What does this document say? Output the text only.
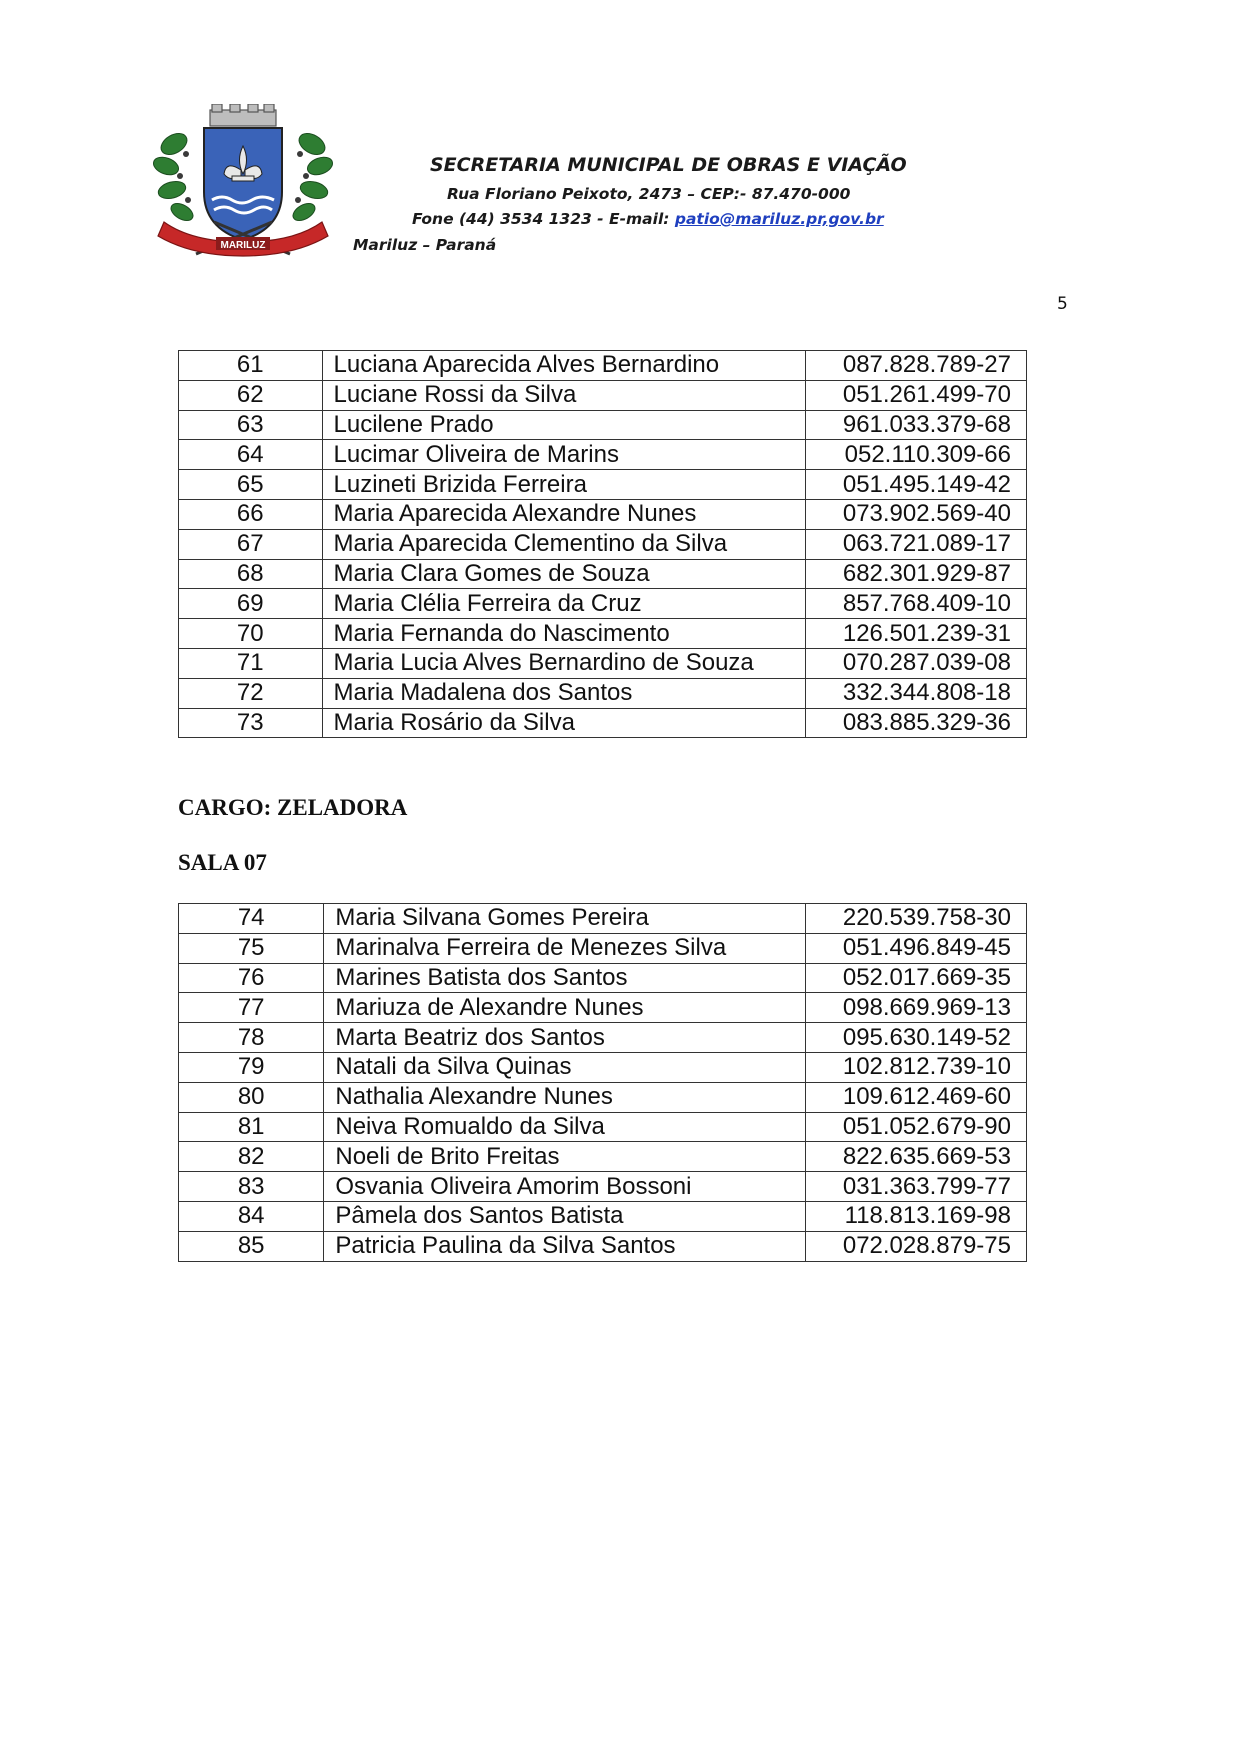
MARILUZ
SECRETARIA MUNICIPAL DE OBRAS E VIAÇÃO
Rua Floriano Peixoto, 2473 – CEP:- 87.470-000
Fone (44) 3534 1323 - E-mail: patio@mariluz.pr,gov.br
Mariluz – Paraná
5
61	Luciana Aparecida Alves Bernardino	087.828.789-27
62	Luciane Rossi da Silva	051.261.499-70
63	Lucilene Prado	961.033.379-68
64	Lucimar Oliveira de Marins	052.110.309-66
65	Luzineti Brizida Ferreira	051.495.149-42
66	Maria Aparecida Alexandre Nunes	073.902.569-40
67	Maria Aparecida Clementino da Silva	063.721.089-17
68	Maria Clara Gomes de Souza	682.301.929-87
69	Maria Clélia Ferreira da Cruz	857.768.409-10
70	Maria Fernanda do Nascimento	126.501.239-31
71	Maria Lucia Alves Bernardino de Souza	070.287.039-08
72	Maria Madalena dos Santos	332.344.808-18
73	Maria Rosário da Silva	083.885.329-36
CARGO: ZELADORA
SALA 07
74	Maria Silvana Gomes Pereira	220.539.758-30
75	Marinalva Ferreira de Menezes Silva	051.496.849-45
76	Marines Batista dos Santos	052.017.669-35
77	Mariuza de Alexandre Nunes	098.669.969-13
78	Marta Beatriz dos Santos	095.630.149-52
79	Natali da Silva Quinas	102.812.739-10
80	Nathalia Alexandre Nunes	109.612.469-60
81	Neiva Romualdo da Silva	051.052.679-90
82	Noeli de Brito Freitas	822.635.669-53
83	Osvania Oliveira Amorim Bossoni	031.363.799-77
84	Pâmela dos Santos Batista	118.813.169-98
85	Patricia Paulina da Silva Santos	072.028.879-75
